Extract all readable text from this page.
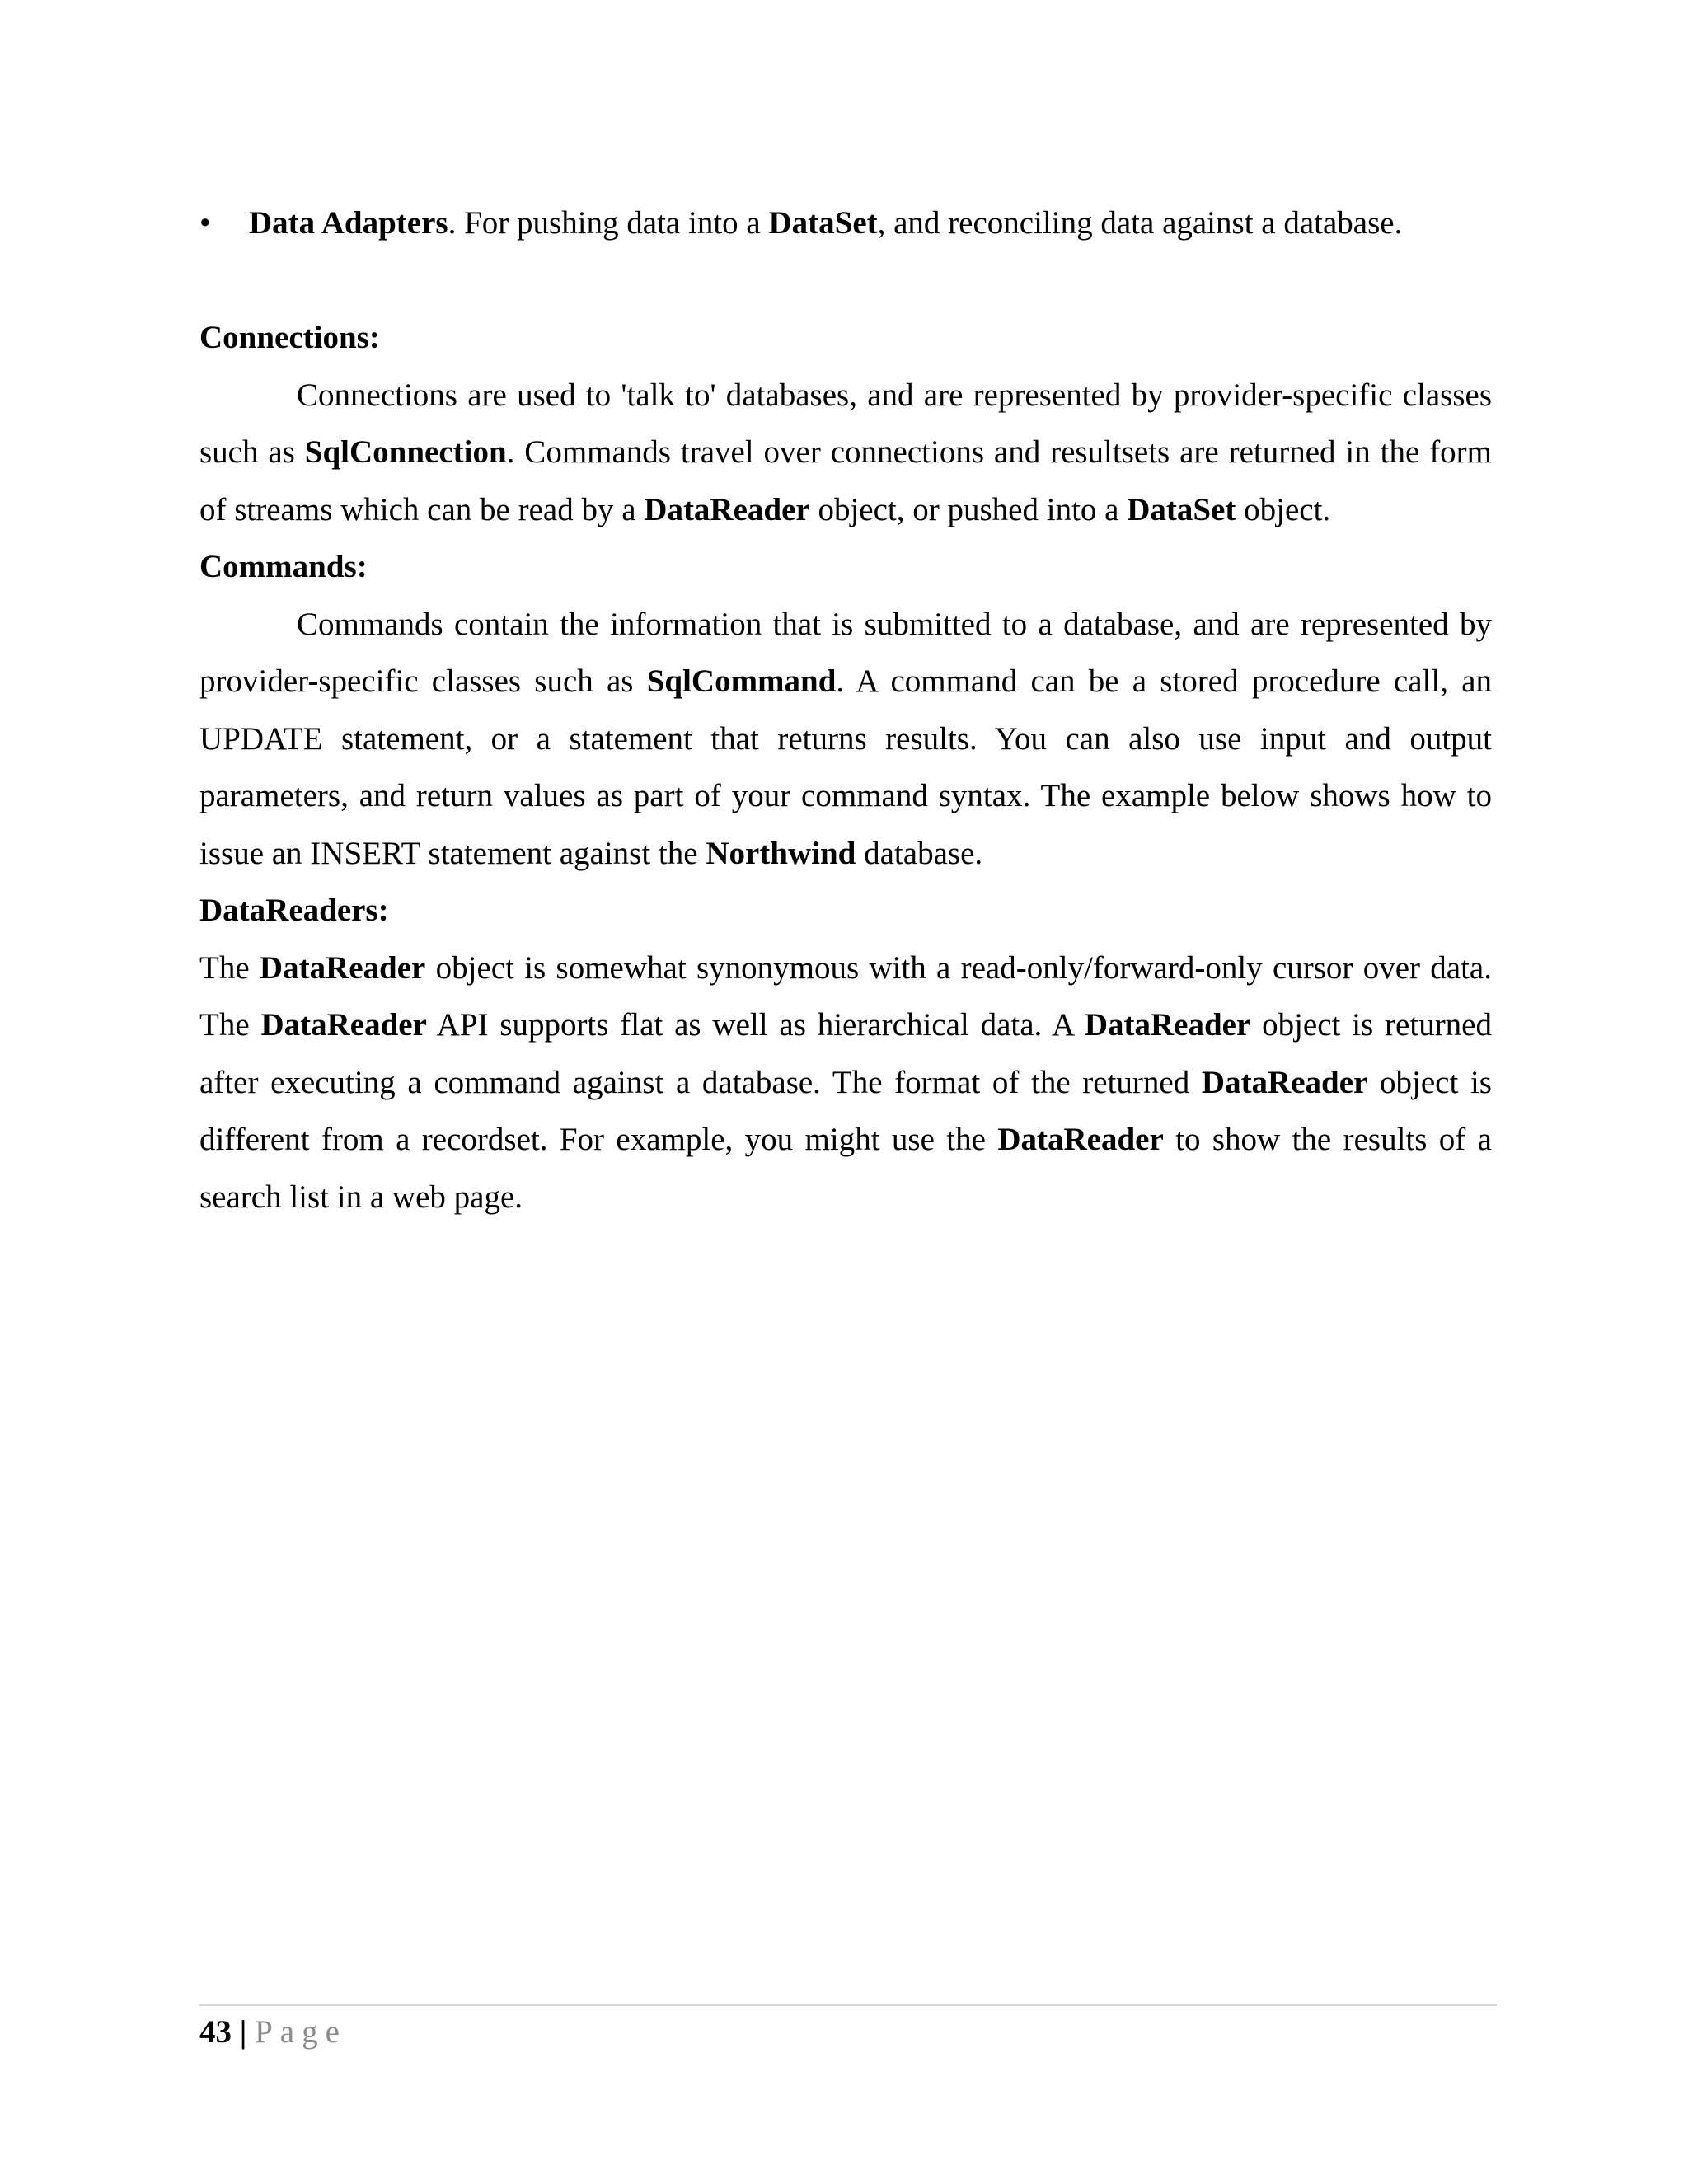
• Data Adapters. For pushing data into a DataSet, and reconciling data against a database.

Connections:

Connections are used to 'talk to' databases, and are represented by provider-specific classes such as SqlConnection. Commands travel over connections and resultsets are returned in the form of streams which can be read by a DataReader object, or pushed into a DataSet object.

Commands:

Commands contain the information that is submitted to a database, and are represented by provider-specific classes such as SqlCommand. A command can be a stored procedure call, an UPDATE statement, or a statement that returns results. You can also use input and output parameters, and return values as part of your command syntax. The example below shows how to issue an INSERT statement against the Northwind database.

DataReaders:

The DataReader object is somewhat synonymous with a read-only/forward-only cursor over data. The DataReader API supports flat as well as hierarchical data. A DataReader object is returned after executing a command against a database. The format of the returned DataReader object is different from a recordset. For example, you might use the DataReader to show the results of a search list in a web page.

43 | Page
